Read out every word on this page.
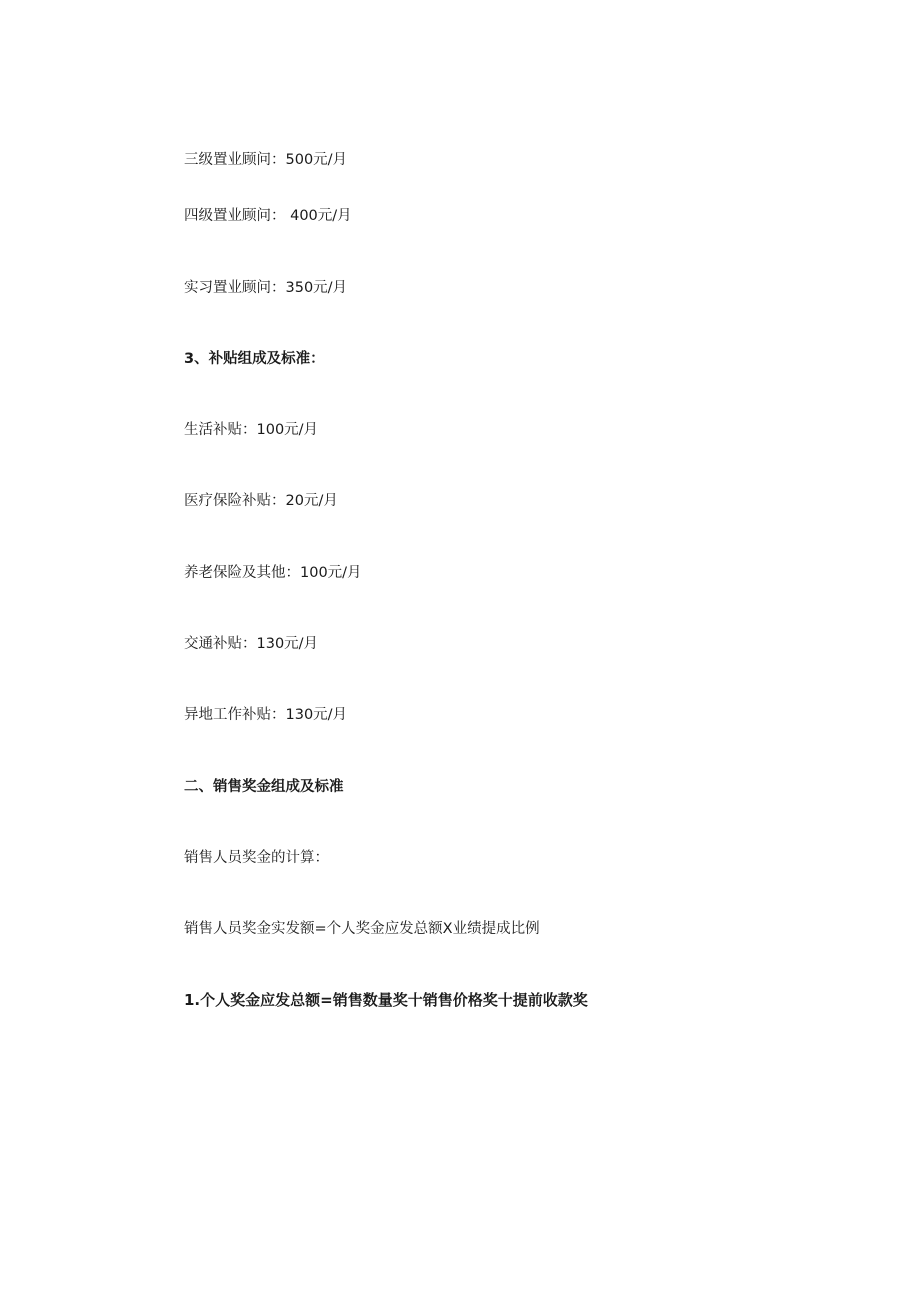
三级置业顾问：500元/月

四级置业顾问： 400元/月

实习置业顾问：350元/月

3、补贴组成及标准：

生活补贴：100元/月

医疗保险补贴：20元/月

养老保险及其他：100元/月

交通补贴：130元/月

异地工作补贴：130元/月

二、销售奖金组成及标准

销售人员奖金的计算：

销售人员奖金实发额=个人奖金应发总额X业绩提成比例

1.个人奖金应发总额=销售数量奖十销售价格奖十提前收款奖
